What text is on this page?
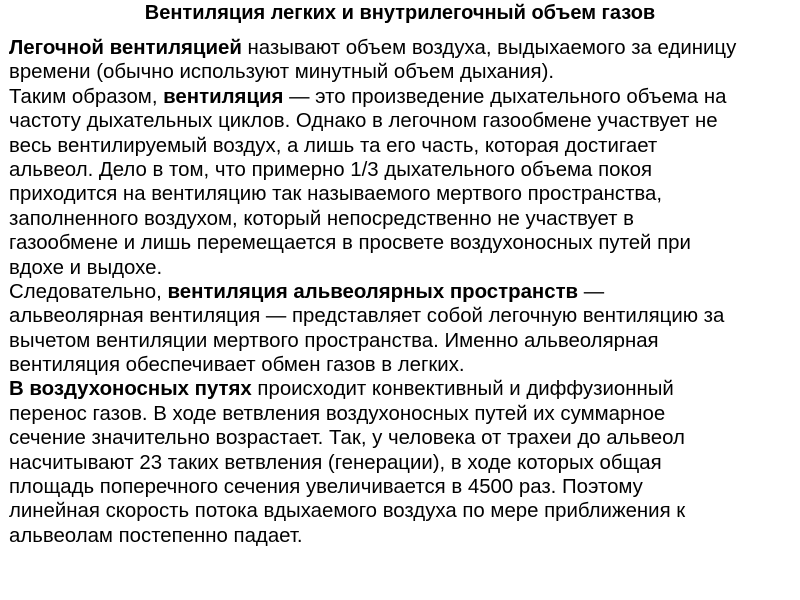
Вентиляция легких и внутрилегочный объем газов
Легочной вентиляцией называют объем воздуха, выдыхаемого за единицу
времени (обычно используют минутный объем дыхания).
Таким образом, вентиляция — это произведение дыхательного объема на
частоту дыхательных циклов. Однако в легочном газообмене участвует не
весь вентилируемый воздух, а лишь та его часть, которая достигает
альвеол. Дело в том, что примерно 1/3 дыхательного объема покоя
приходится на вентиляцию так называемого мертвого пространства,
заполненного воздухом, который непосредственно не участвует в
газообмене и лишь перемещается в просвете воздухоносных путей при
вдохе и выдохе.
Следовательно, вентиляция альвеолярных пространств —
альвеолярная вентиляция — представляет собой легочную вентиляцию за
вычетом вентиляции мертвого пространства. Именно альвеолярная
вентиляция обеспечивает обмен газов в легких.
В воздухоносных путях происходит конвективный и диффузионный
перенос газов. В ходе ветвления воздухоносных путей их суммарное
сечение значительно возрастает. Так, у человека от трахеи до альвеол
насчитывают 23 таких ветвления (генерации), в ходе которых общая
площадь поперечного сечения увеличивается в 4500 раз. Поэтому
линейная скорость потока вдыхаемого воздуха по мере приближения к
альвеолам постепенно падает.
